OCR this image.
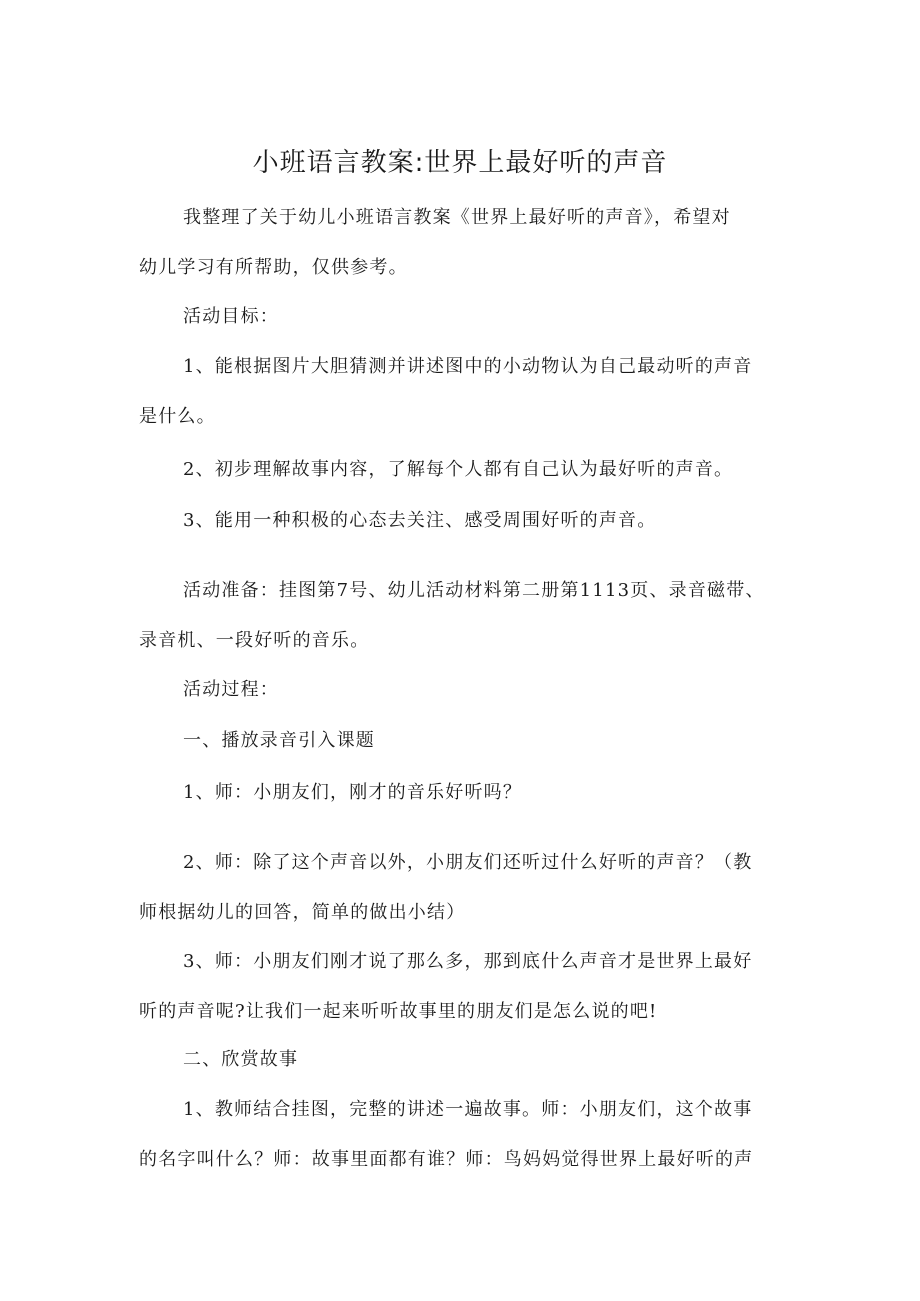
小班语言教案:世界上最好听的声音

我整理了关于幼儿小班语言教案《世界上最好听的声音》，希望对
幼儿学习有所帮助，仅供参考。

活动目标：

1、能根据图片大胆猜测并讲述图中的小动物认为自己最动听的声音
是什么。

2、初步理解故事内容，了解每个人都有自己认为最好听的声音。

3、能用一种积极的心态去关注、感受周围好听的声音。

活动准备：挂图第7号、幼儿活动材料第二册第1113页、录音磁带、
录音机、一段好听的音乐。

活动过程：

一、播放录音引入课题

1、师：小朋友们，刚才的音乐好听吗？

2、师：除了这个声音以外，小朋友们还听过什么好听的声音？（教
师根据幼儿的回答，简单的做出小结）

3、师：小朋友们刚才说了那么多，那到底什么声音才是世界上最好
听的声音呢?让我们一起来听听故事里的朋友们是怎么说的吧!

二、欣赏故事

1、教师结合挂图，完整的讲述一遍故事。师：小朋友们，这个故事
的名字叫什么？师：故事里面都有谁？师：鸟妈妈觉得世界上最好听的声
